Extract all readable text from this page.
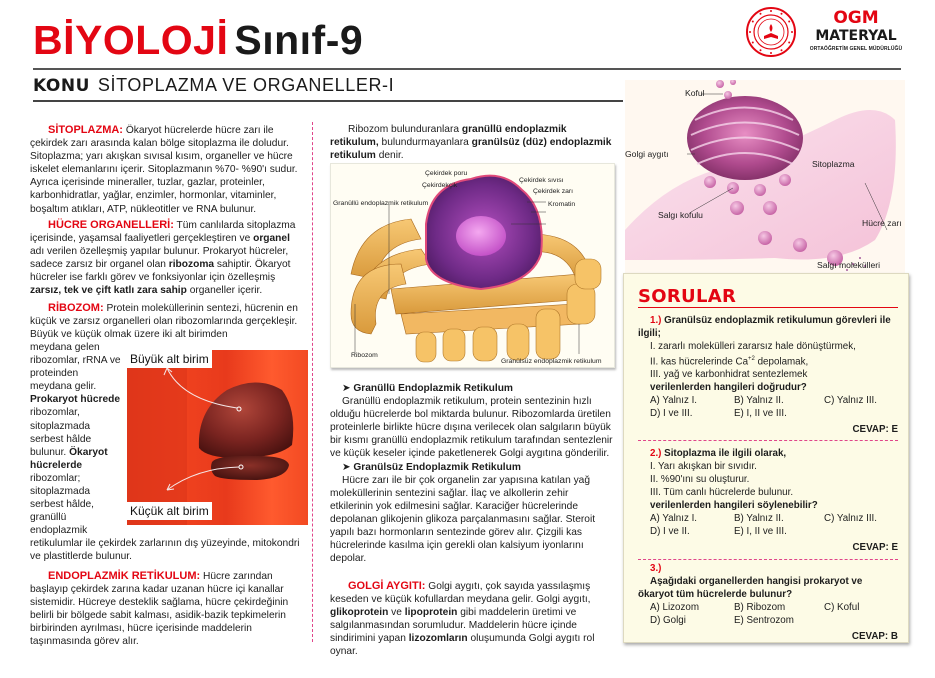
BİYOLOJİ Sınıf-9
KONU SİTOPLAZMA VE ORGANELLER-I
OGM
MATERYAL
ORTAÖĞRETİM GENEL MÜDÜRLÜĞÜ
SİTOPLAZMA: Ökaryot hücrelerde hücre zarı ile çekirdek zarı arasında kalan bölge sitoplazma ile doludur. Sitoplazma; yarı akışkan sıvısal kısım, organeller ve hücre iskelet elemanlarını içerir. Sitoplazmanın %70- %90'ı sudur. Ayrıca içerisinde mineraller, tuzlar, gazlar, proteinler, karbonhidratlar, yağlar, enzimler, hormonlar, vitaminler, boşaltım atıkları, ATP, nükleotitler ve RNA bulunur.
HÜCRE ORGANELLERİ: Tüm canlılarda sitoplazma içerisinde, yaşamsal faaliyetleri gerçekleştiren ve organel adı verilen özelleşmiş yapılar bulunur. Prokaryot hücreler, sadece zarsız bir organel olan ribozoma sahiptir. Ökaryot hücreler ise farklı görev ve fonksiyonlar için özelleşmiş zarsız, tek ve çift katlı zara sahip organeller içerir.
RİBOZOM: Protein moleküllerinin sentezi, hücrenin en küçük ve zarsız organelleri olan ribozomlarında gerçekleşir. Büyük ve küçük olmak üzere iki alt birimden
meydana gelen ribozomlar, rRNA ve proteinden meydana gelir. Prokaryot hücrede ribozomlar, sitoplazmada serbest hâlde bulunur. Ökaryot hücrelerde ribozomlar; sitoplazmada serbest hâlde, granüllü endoplazmik
retikulumlar ile çekirdek zarlarının dış yüzeyinde, mitokondri ve plastitlerde bulunur.
Büyük alt birim
Küçük alt birim
ENDOPLAZMİK RETİKULUM: Hücre zarından başlayıp çekirdek zarına kadar uzanan hücre içi kanallar sistemidir. Hücreye desteklik sağlama, hücre çekirdeğinin belirli bir bölgede sabit kalması, asidik-bazik tepkimelerin birbirinden ayrılması, hücre içerisinde maddelerin taşınmasında görev alır.
Ribozom bulunduranlara granüllü endoplazmik retikulum, bulundurmayanlara granülsüz (düz) endoplazmik retikulum denir.
Çekirdek poru
Çekirdekçik
Granüllü endoplazmik retikulum
Çekirdek sıvısı
Çekirdek zarı
Kromatin
Ribozom
Granülsüz endoplazmik retikulum
➤ Granüllü Endoplazmik Retikulum
Granüllü endoplazmik retikulum, protein sentezinin hızlı olduğu hücrelerde bol miktarda bulunur. Ribozomlarda üretilen proteinlerle birlikte hücre dışına verilecek olan salgıların büyük bir kısmı granüllü endoplazmik retikulum tarafından sentezlenir ve küçük keseler içinde paketlenerek Golgi aygıtına gönderilir.
➤ Granülsüz Endoplazmik Retikulum
Hücre zarı ile bir çok organelin zar yapısına katılan yağ moleküllerinin sentezini sağlar. İlaç ve alkollerin zehir etkilerinin yok edilmesini sağlar. Karaciğer hücrelerinde depolanan glikojenin glikoza parçalanmasını sağlar. Steroit yapılı bazı hormonların sentezinde görev alır. Çizgili kas hücrelerinde kasılma için gerekli olan kalsiyum iyonlarını depolar.
GOLGİ AYGITI: Golgi aygıtı, çok sayıda yassılaşmış keseden ve küçük kofullardan meydana gelir. Golgi aygıtı, glikoprotein ve lipoprotein gibi maddelerin üretimi ve salgılanmasından sorumludur. Maddelerin hücre içinde sindirimini yapan lizozomların oluşumunda Golgi aygıtı rol oynar.
Koful
Golgi aygıtı
Sitoplazma
Salgı kofulu
Hücre zarı
Salgı molekülleri
SORULAR
1.) Granülsüz endoplazmik retikulumun görevleri ile ilgili;
I. zararlı molekülleri zararsız hale dönüştürmek,
II. kas hücrelerinde $Ca^{+2}$ depolamak,
III. yağ ve karbonhidrat sentezlemek
verilenlerden hangileri doğrudur?
A) Yalnız I.	B) Yalnız II.	C) Yalnız III.
D) I ve III.	E) I, II ve III.
CEVAP: E
2.) Sitoplazma ile ilgili olarak,
I. Yarı akışkan bir sıvıdır.
II. %90'ını su oluşturur.
III. Tüm canlı hücrelerde bulunur.
verilenlerden hangileri söylenebilir?
A) Yalnız I.	B) Yalnız II.	C) Yalnız III.
D) I ve II.	E) I, II ve III.
CEVAP: E
3.)
Aşağıdaki organellerden hangisi prokaryot ve ökaryot tüm hücrelerde bulunur?
A) Lizozom	B) Ribozom	C) Koful
D) Golgi	E) Sentrozom
CEVAP: B
